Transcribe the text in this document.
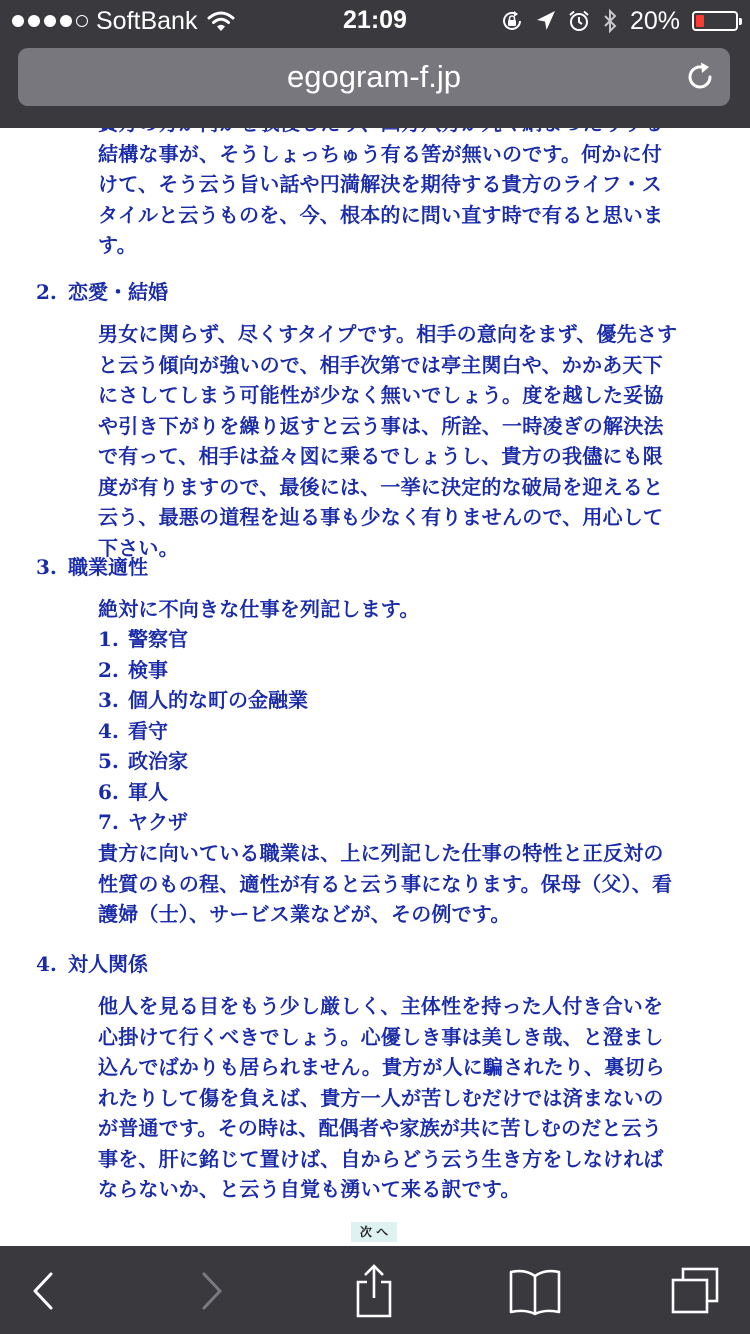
SoftBank	21:09	20%
egogram-f.jp
結構な事が、そうしょっちゅう有る筈が無いのです。何かに付けて、そう云う旨い話や円満解決を期待する貴方のライフ・スタイルと云うものを、今、根本的に問い直す時で有ると思います。
2. 恋愛・結婚
男女に関らず、尽くすタイプです。相手の意向をまず、優先さすと云う傾向が強いので、相手次第では亭主関白や、かかあ天下にさしてしまう可能性が少なく無いでしょう。度を越した妥協や引き下がりを繰り返すと云う事は、所詮、一時凌ぎの解決法で有って、相手は益々図に乗るでしょうし、貴方の我儘にも限度が有りますので、最後には、一挙に決定的な破局を迎えると云う、最悪の道程を辿る事も少なく有りませんので、用心して下さい。
3. 職業適性
絶対に不向きな仕事を列記します。
1. 警察官
2. 検事
3. 個人的な町の金融業
4. 看守
5. 政治家
6. 軍人
7. ヤクザ
貴方に向いている職業は、上に列記した仕事の特性と正反対の性質のもの程、適性が有ると云う事になります。保母（父）、看護婦（士）、サービス業などが、その例です。
4. 対人関係
他人を見る目をもう少し厳しく、主体性を持った人付き合いを心掛けて行くべきでしょう。心優しき事は美しき哉、と澄まし込んでばかりも居られません。貴方が人に騙されたり、裏切られたりして傷を負えば、貴方一人が苦しむだけでは済まないのが普通です。その時は、配偶者や家族が共に苦しむのだと云う事を、肝に銘じて置けば、自からどう云う生き方をしなければならないか、と云う自覚も湧いて来る訳です。
次 へ
